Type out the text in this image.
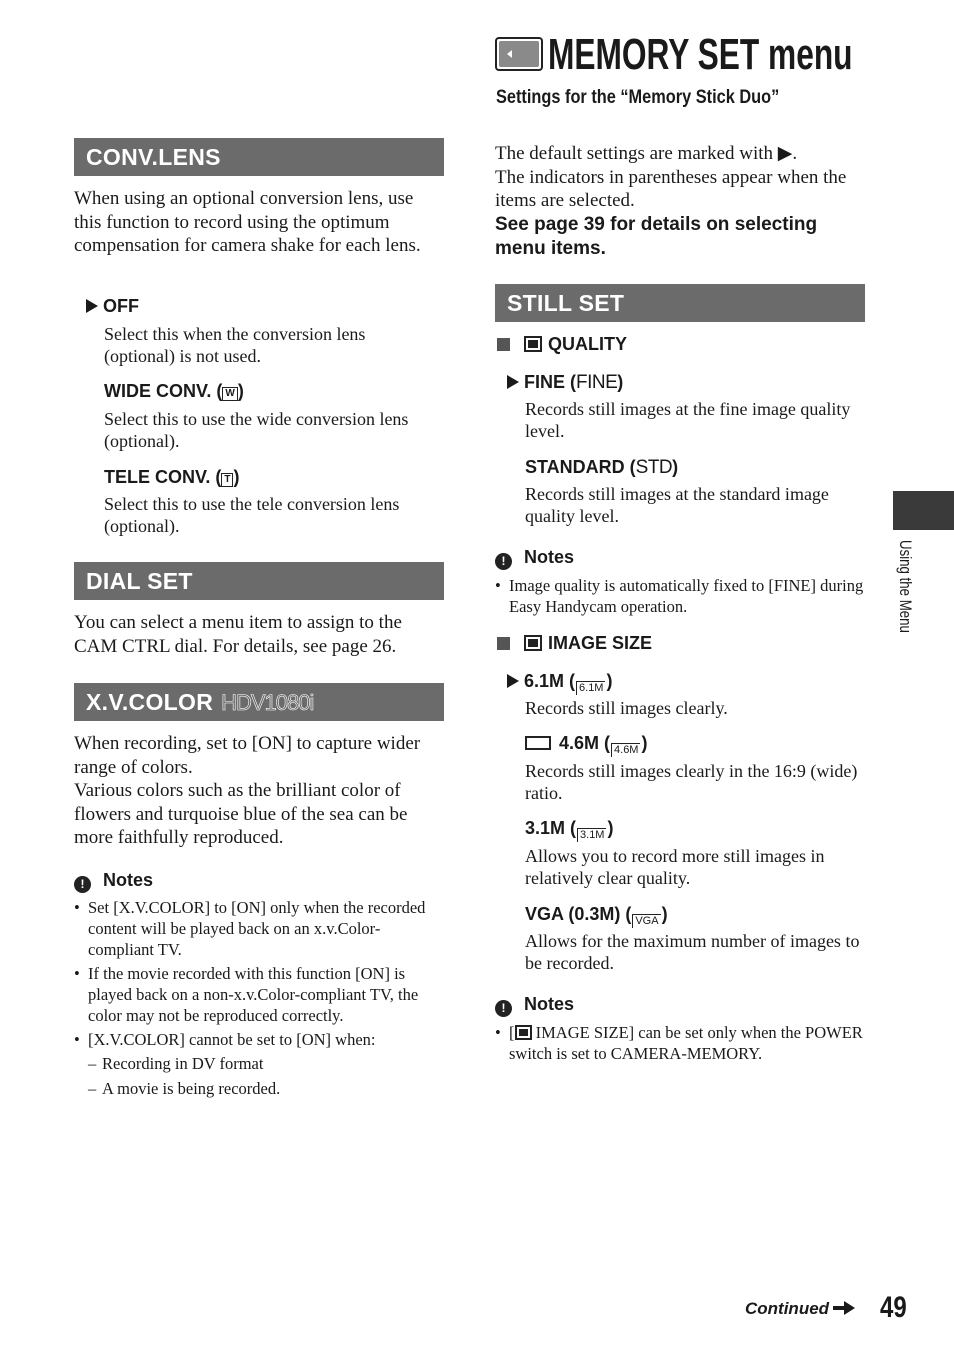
MEMORY SET menu
Settings for the “Memory Stick Duo”
The default settings are marked with ▶.
The indicators in parentheses appear when the items are selected.
See page 39 for details on selecting menu items.
CONV.LENS
When using an optional conversion lens, use this function to record using the optimum compensation for camera shake for each lens.
OFF
Select this when the conversion lens (optional) is not used.
WIDE CONV. ( W )
Select this to use the wide conversion lens (optional).
TELE CONV. ( T )
Select this to use the tele conversion lens (optional).
DIAL SET
You can select a menu item to assign to the CAM CTRL dial. For details, see page 26.
X.V.COLOR HDV1080i
When recording, set to [ON] to capture wider range of colors.
Various colors such as the brilliant color of flowers and turquoise blue of the sea can be more faithfully reproduced.
! Notes
• Set [X.V.COLOR] to [ON] only when the recorded content will be played back on an x.v.Color-compliant TV.
• If the movie recorded with this function [ON] is played back on a non-x.v.Color-compliant TV, the color may not be reproduced correctly.
• [X.V.COLOR] cannot be set to [ON] when:
– Recording in DV format
– A movie is being recorded.
STILL SET
QUALITY
FINE (FINE)
Records still images at the fine image quality level.
STANDARD (STD)
Records still images at the standard image quality level.
! Notes
• Image quality is automatically fixed to [FINE] during Easy Handycam operation.
IMAGE SIZE
6.1M ( 6.1M )
Records still images clearly.
4.6M ( 4.6M )
Records still images clearly in the 16:9 (wide) ratio.
3.1M ( 3.1M )
Allows you to record more still images in relatively clear quality.
VGA (0.3M) ( VGA )
Allows for the maximum number of images to be recorded.
! Notes
• [ IMAGE SIZE] can be set only when the POWER switch is set to CAMERA-MEMORY.
Using the Menu
Continued	49
